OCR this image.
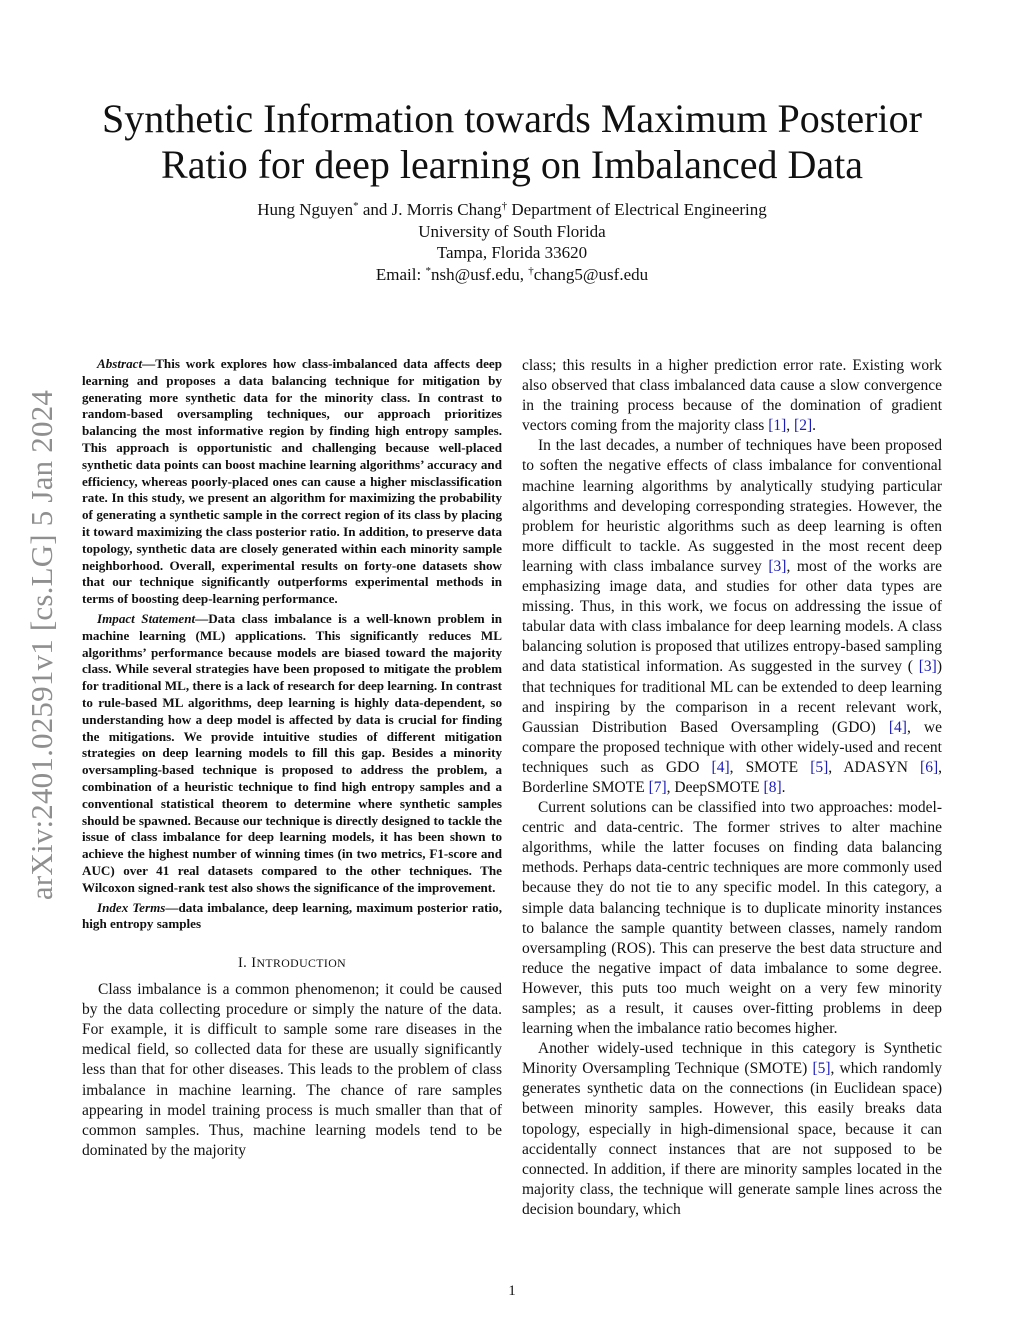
arXiv:2401.02591v1 [cs.LG] 5 Jan 2024
Synthetic Information towards Maximum Posterior
Ratio for deep learning on Imbalanced Data
Hung Nguyen* and J. Morris Chang† Department of Electrical Engineering
University of South Florida
Tampa, Florida 33620
Email: *nsh@usf.edu, †chang5@usf.edu

Abstract—This work explores how class-imbalanced data affects deep learning and proposes a data balancing technique for mitigation by generating more synthetic data for the minority class. In contrast to random-based oversampling techniques, our approach prioritizes balancing the most informative region by finding high entropy samples. This approach is opportunistic and challenging because well-placed synthetic data points can boost machine learning algorithms’ accuracy and efficiency, whereas poorly-placed ones can cause a higher misclassification rate. In this study, we present an algorithm for maximizing the probability of generating a synthetic sample in the correct region of its class by placing it toward maximizing the class posterior ratio. In addition, to preserve data topology, synthetic data are closely generated within each minority sample neighborhood. Overall, experimental results on forty-one datasets show that our technique significantly outperforms experimental methods in terms of boosting deep-learning performance.

Impact Statement—Data class imbalance is a well-known problem in machine learning (ML) applications. This significantly reduces ML algorithms’ performance because models are biased toward the majority class. While several strategies have been proposed to mitigate the problem for traditional ML, there is a lack of research for deep learning. In contrast to rule-based ML algorithms, deep learning is highly data-dependent, so understanding how a deep model is affected by data is crucial for finding the mitigations. We provide intuitive studies of different mitigation strategies on deep learning models to fill this gap. Besides a minority oversampling-based technique is proposed to address the problem, a combination of a heuristic technique to find high entropy samples and a conventional statistical theorem to determine where synthetic samples should be spawned. Because our technique is directly designed to tackle the issue of class imbalance for deep learning models, it has been shown to achieve the highest number of winning times (in two metrics, F1-score and AUC) over 41 real datasets compared to the other techniques. The Wilcoxon signed-rank test also shows the significance of the improvement.

Index Terms—data imbalance, deep learning, maximum posterior ratio, high entropy samples

I. INTRODUCTION

Class imbalance is a common phenomenon; it could be caused by the data collecting procedure or simply the nature of the data. For example, it is difficult to sample some rare diseases in the medical field, so collected data for these are usually significantly less than that for other diseases. This leads to the problem of class imbalance in machine learning. The chance of rare samples appearing in model training process is much smaller than that of common samples. Thus, machine learning models tend to be dominated by the majority

class; this results in a higher prediction error rate. Existing work also observed that class imbalanced data cause a slow convergence in the training process because of the domination of gradient vectors coming from the majority class [1], [2].

In the last decades, a number of techniques have been proposed to soften the negative effects of class imbalance for conventional machine learning algorithms by analytically studying particular algorithms and developing corresponding strategies. However, the problem for heuristic algorithms such as deep learning is often more difficult to tackle. As suggested in the most recent deep learning with class imbalance survey [3], most of the works are emphasizing image data, and studies for other data types are missing. Thus, in this work, we focus on addressing the issue of tabular data with class imbalance for deep learning models. A class balancing solution is proposed that utilizes entropy-based sampling and data statistical information. As suggested in the survey ( [3]) that techniques for traditional ML can be extended to deep learning and inspiring by the comparison in a recent relevant work, Gaussian Distribution Based Oversampling (GDO) [4], we compare the proposed technique with other widely-used and recent techniques such as GDO [4], SMOTE [5], ADASYN [6], Borderline SMOTE [7], DeepSMOTE [8].

Current solutions can be classified into two approaches: model-centric and data-centric. The former strives to alter machine algorithms, while the latter focuses on finding data balancing methods. Perhaps data-centric techniques are more commonly used because they do not tie to any specific model. In this category, a simple data balancing technique is to duplicate minority instances to balance the sample quantity between classes, namely random oversampling (ROS). This can preserve the best data structure and reduce the negative impact of data imbalance to some degree. However, this puts too much weight on a very few minority samples; as a result, it causes over-fitting problems in deep learning when the imbalance ratio becomes higher.

Another widely-used technique in this category is Synthetic Minority Oversampling Technique (SMOTE) [5], which randomly generates synthetic data on the connections (in Euclidean space) between minority samples. However, this easily breaks data topology, especially in high-dimensional space, because it can accidentally connect instances that are not supposed to be connected. In addition, if there are minority samples located in the majority class, the technique will generate sample lines across the decision boundary, which

1
